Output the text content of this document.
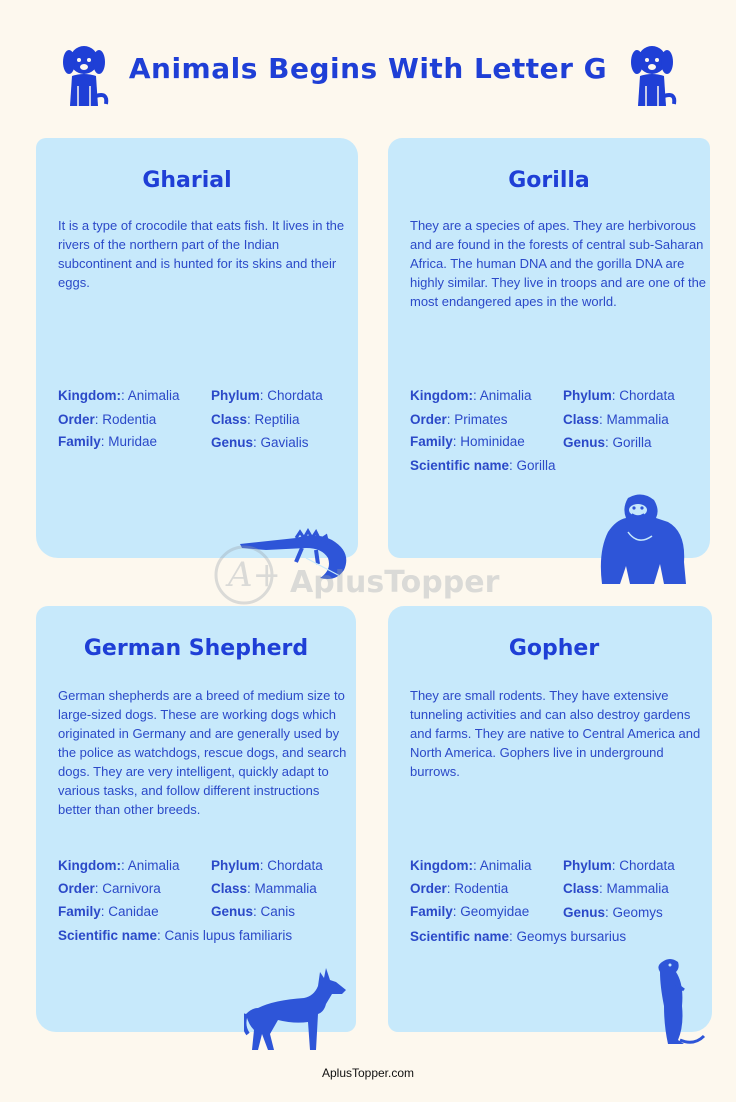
Animals Begins With Letter G
Gharial
It is a type of crocodile that eats fish. It lives in the rivers of the northern part of the Indian subcontinent and is hunted for its skins and their eggs.
Kingdom:: Animalia Phylum: Chordata
Order: Rodentia	Class: Reptilia
Family: Muridae	Genus: Gavialis
Gorilla
They are a species of apes. They are herbivorous and are found in the forests of central sub-Saharan Africa. The human DNA and the gorilla DNA are highly similar. They live in troops and are one of the most endangered apes in the world.
Kingdom:: Animalia Phylum: Chordata
Order: Primates	Class: Mammalia
Family: Hominidae	Genus: Gorilla
Scientific name: Gorilla
German Shepherd
German shepherds are a breed of medium size to large-sized dogs. These are working dogs which originated in Germany and are generally used by the police as watchdogs, rescue dogs, and search dogs. They are very intelligent, quickly adapt to various tasks, and follow different instructions better than other breeds.
Kingdom:: Animalia Phylum: Chordata
Order: Carnivora	Class: Mammalia
Family: Canidae	Genus: Canis
Scientific name: Canis lupus familiaris
Gopher
They are small rodents. They have extensive tunneling activities and can also destroy gardens and farms. They are native to Central America and North America. Gophers live in underground burrows.
Kingdom:: Animalia Phylum: Chordata
Order: Rodentia	Class: Mammalia
Family: Geomyidae Genus: Geomys
Scientific name: Geomys bursarius
A+ AplusTopper
AplusTopper.com
